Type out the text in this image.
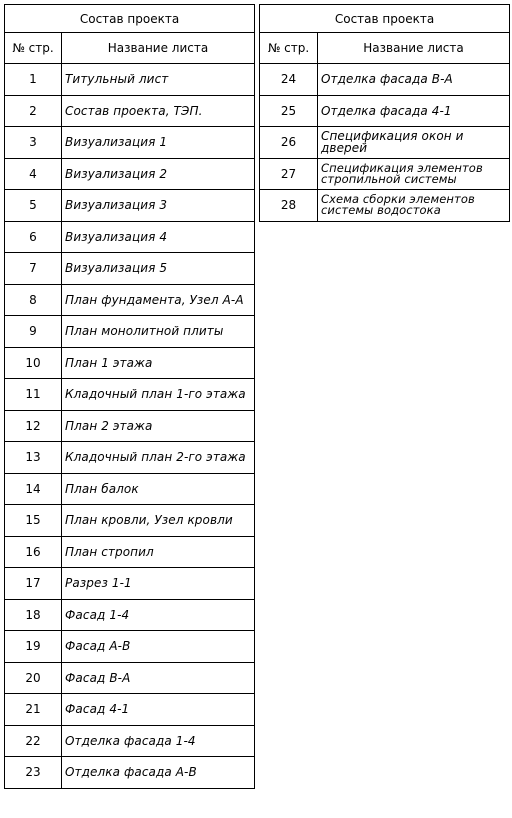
Состав проекта	
№ стр.	Название листа
1	Титульный лист
2	Состав проекта, ТЭП.
3	Визуализация 1
4	Визуализация 2
5	Визуализация 3
6	Визуализация 4
7	Визуализация 5
8	План фундамента, Узел А-А
9	План монолитной плиты
10	План 1 этажа
11	Кладочный план 1-го этажа
12	План 2 этажа
13	Кладочный план 2-го этажа
14	План балок
15	План кровли, Узел кровли
16	План стропил
17	Разрез 1-1
18	Фасад 1-4
19	Фасад А-В
20	Фасад В-А
21	Фасад 4-1
22	Отделка фасада 1-4
23	Отделка фасада А-В
Состав проекта	
№ стр.	Название листа
24	Отделка фасада В-А
25	Отделка фасада 4-1
26	Спецификация окон и дверей
27	Спецификация элементов
стропильной системы

28	Схема сборки элементов
системы водостока
